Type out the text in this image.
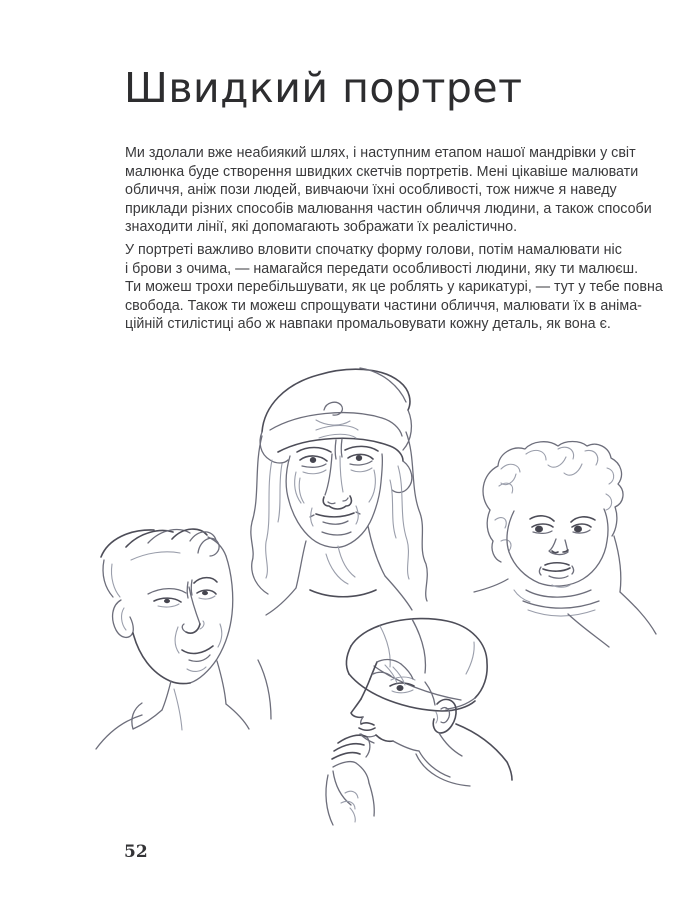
Швидкий портрет
Ми здолали вже неабиякий шлях, і наступним етапом нашої мандрівки у світ
малюнка буде створення швидких скетчів портретів. Мені цікавіше малювати
обличчя, аніж пози людей, вивчаючи їхні особливості, тож нижче я наведу
приклади різних способів малювання частин обличчя людини, а також способи
знаходити лінії, які допомагають зображати їх реалістично.
У портреті важливо вловити спочатку форму голови, потім намалювати ніс
і брови з очима, — намагайся передати особливості людини, яку ти малюєш.
Ти можеш трохи перебільшувати, як це роблять у карикатурі, — тут у тебе повна
свобода. Також ти можеш спрощувати частини обличчя, малювати їх в аніма-
ційній стилістиці або ж навпаки промальовувати кожну деталь, як вона є.
52
